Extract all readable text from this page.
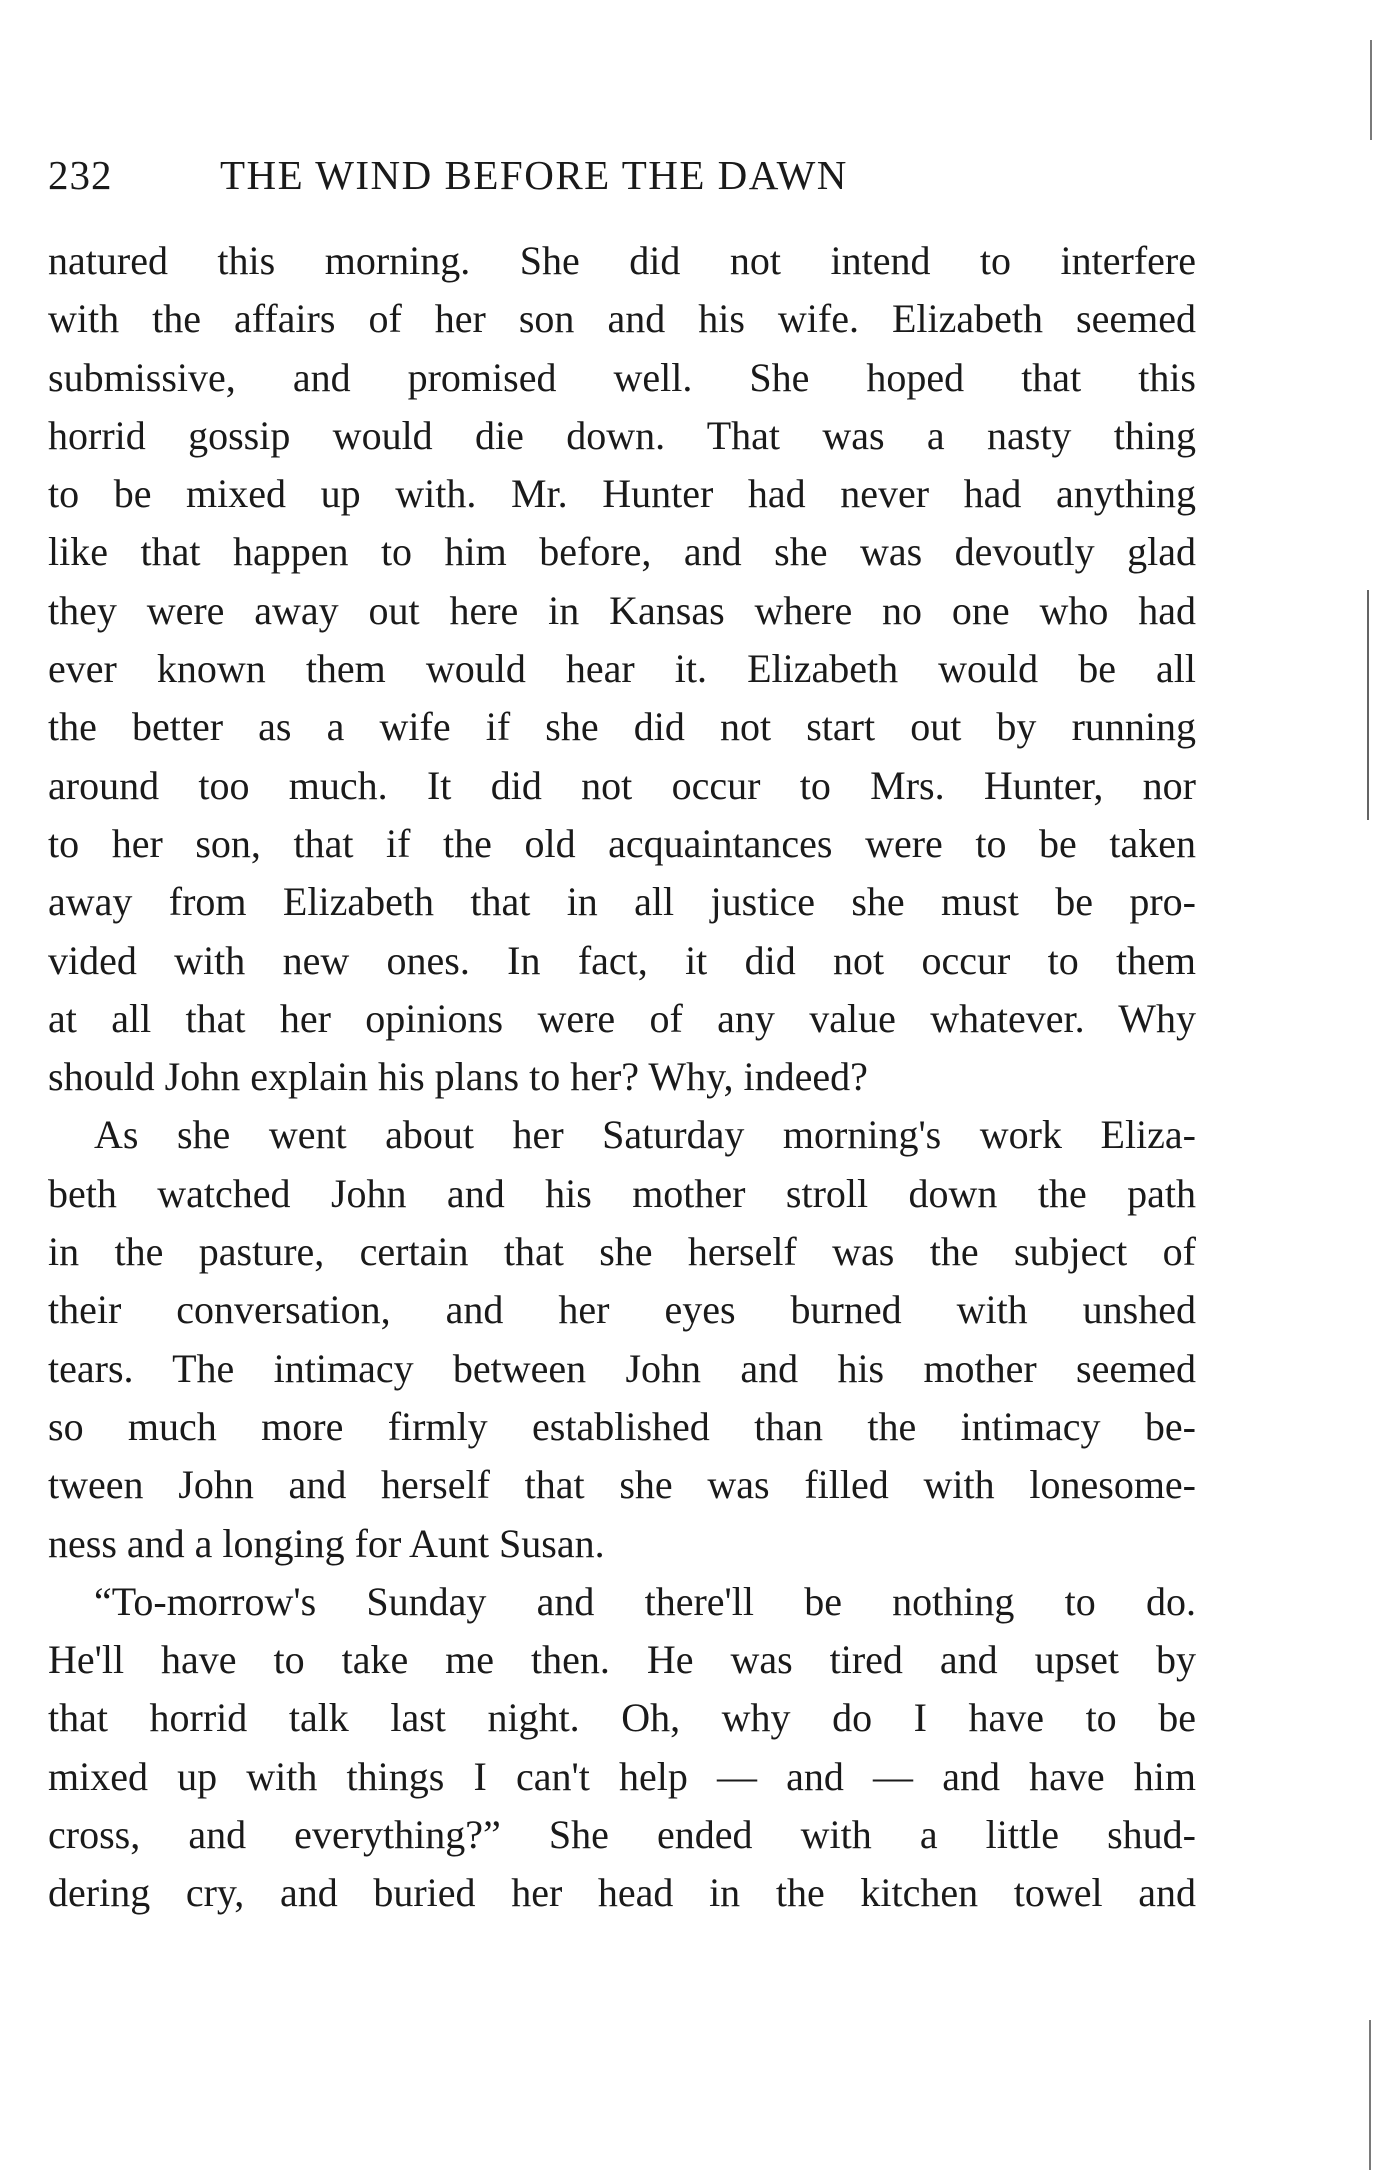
232	THE WIND BEFORE THE DAWN
natured this morning. She did not intend to interfere
with the affairs of her son and his wife. Elizabeth seemed
submissive, and promised well. She hoped that this
horrid gossip would die down. That was a nasty thing
to be mixed up with. Mr. Hunter had never had anything
like that happen to him before, and she was devoutly glad
they were away out here in Kansas where no one who had
ever known them would hear it. Elizabeth would be all
the better as a wife if she did not start out by running
around too much. It did not occur to Mrs. Hunter, nor
to her son, that if the old acquaintances were to be taken
away from Elizabeth that in all justice she must be pro-
vided with new ones. In fact, it did not occur to them
at all that her opinions were of any value whatever. Why
should John explain his plans to her? Why, indeed?
As she went about her Saturday morning's work Eliza-
beth watched John and his mother stroll down the path
in the pasture, certain that she herself was the subject of
their conversation, and her eyes burned with unshed
tears. The intimacy between John and his mother seemed
so much more firmly established than the intimacy be-
tween John and herself that she was filled with lonesome-
ness and a longing for Aunt Susan.
“To-morrow's Sunday and there'll be nothing to do.
He'll have to take me then. He was tired and upset by
that horrid talk last night. Oh, why do I have to be
mixed up with things I can't help — and — and have him
cross, and everything?” She ended with a little shud-
dering cry, and buried her head in the kitchen towel and
